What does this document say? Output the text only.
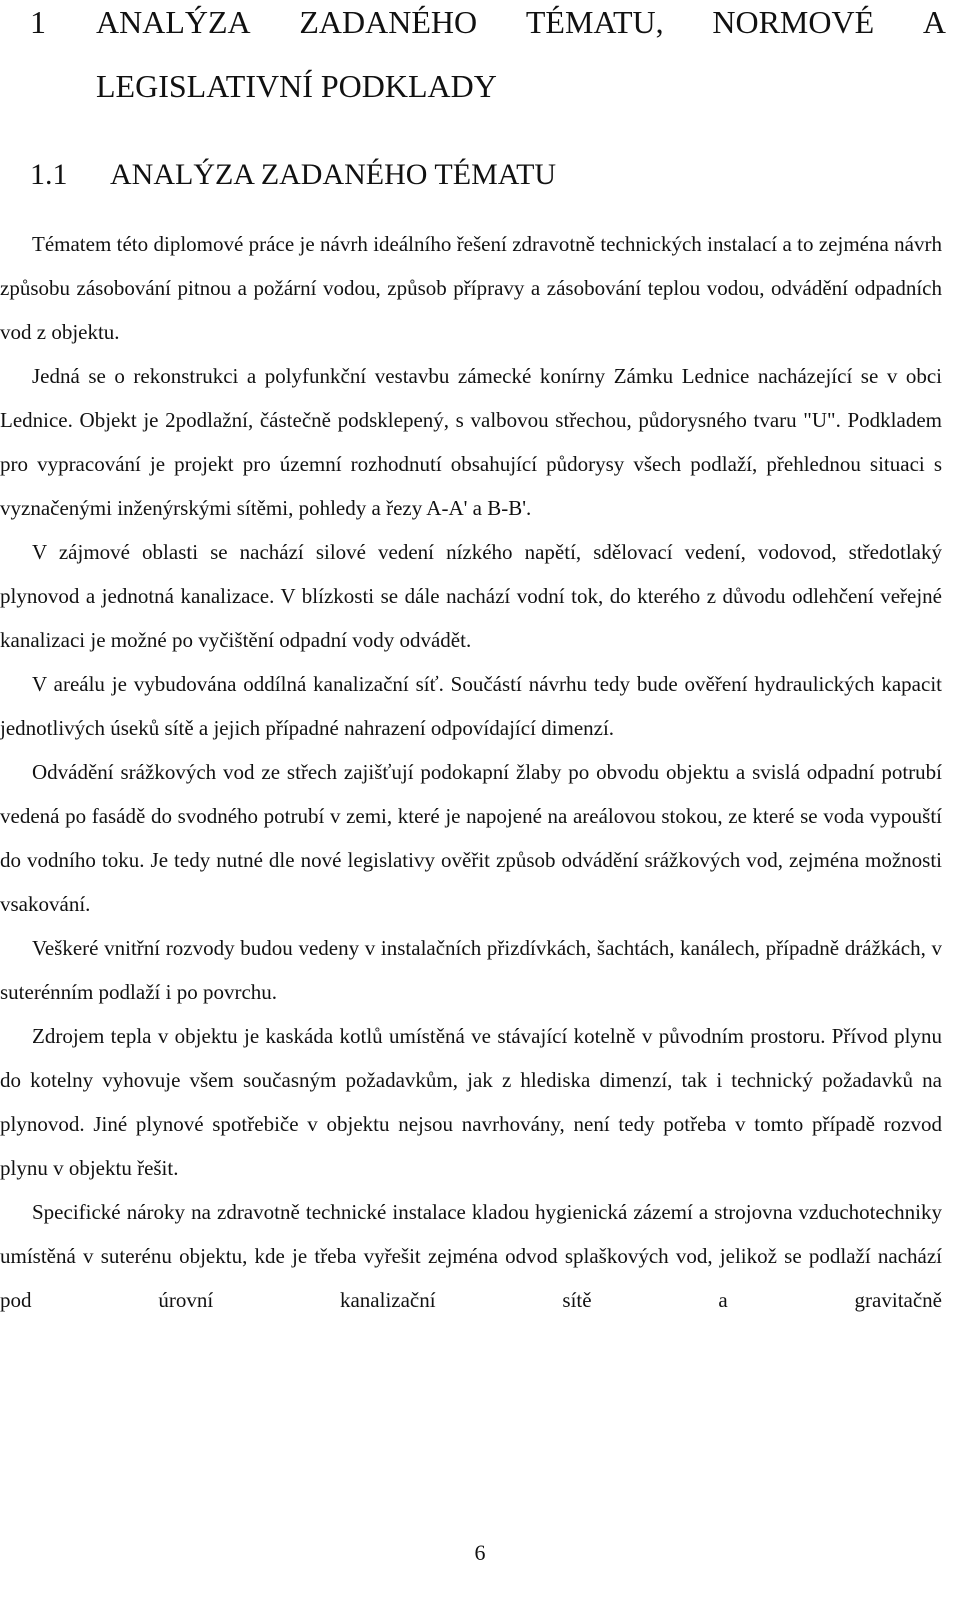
1 ANALÝZA ZADANÉHO TÉMATU, NORMOVÉ A
LEGISLATIVNÍ PODKLADY
1.1 ANALÝZA ZADANÉHO TÉMATU

Tématem této diplomové práce je návrh ideálního řešení zdravotně technických instalací a to zejména návrh způsobu zásobování pitnou a požární vodou, způsob přípravy a zásobování teplou vodou, odvádění odpadních vod z objektu.

Jedná se o rekonstrukci a polyfunkční vestavbu zámecké konírny Zámku Lednice nacházející se v obci Lednice. Objekt je 2podlažní, částečně podsklepený, s valbovou střechou, půdorysného tvaru "U". Podkladem pro vypracování je projekt pro územní rozhodnutí obsahující půdorysy všech podlaží, přehlednou situaci s vyznačenými inženýrskými sítěmi, pohledy a řezy A-A' a B-B'.

V zájmové oblasti se nachází silové vedení nízkého napětí, sdělovací vedení, vodovod, středotlaký plynovod a jednotná kanalizace. V blízkosti se dále nachází vodní tok, do kterého z důvodu odlehčení veřejné kanalizaci je možné po vyčištění odpadní vody odvádět.

V areálu je vybudována oddílná kanalizační síť. Součástí návrhu tedy bude ověření hydraulických kapacit jednotlivých úseků sítě a jejich případné nahrazení odpovídající dimenzí.

Odvádění srážkových vod ze střech zajišťují podokapní žlaby po obvodu objektu a svislá odpadní potrubí vedená po fasádě do svodného potrubí v zemi, které je napojené na areálovou stokou, ze které se voda vypouští do vodního toku. Je tedy nutné dle nové legislativy ověřit způsob odvádění srážkových vod, zejména možnosti vsakování.

Veškeré vnitřní rozvody budou vedeny v instalačních přizdívkách, šachtách, kanálech, případně drážkách, v suterénním podlaží i po povrchu.

Zdrojem tepla v objektu je kaskáda kotlů umístěná ve stávající kotelně v původním prostoru. Přívod plynu do kotelny vyhovuje všem současným požadavkům, jak z hlediska dimenzí, tak i technický požadavků na plynovod. Jiné plynové spotřebiče v objektu nejsou navrhovány, není tedy potřeba v tomto případě rozvod plynu v objektu řešit.

Specifické nároky na zdravotně technické instalace kladou hygienická zázemí a strojovna vzduchotechniky umístěná v suterénu objektu, kde je třeba vyřešit zejména odvod splaškových vod, jelikož se podlaží nachází pod úrovní kanalizační sítě a gravitačně

6
